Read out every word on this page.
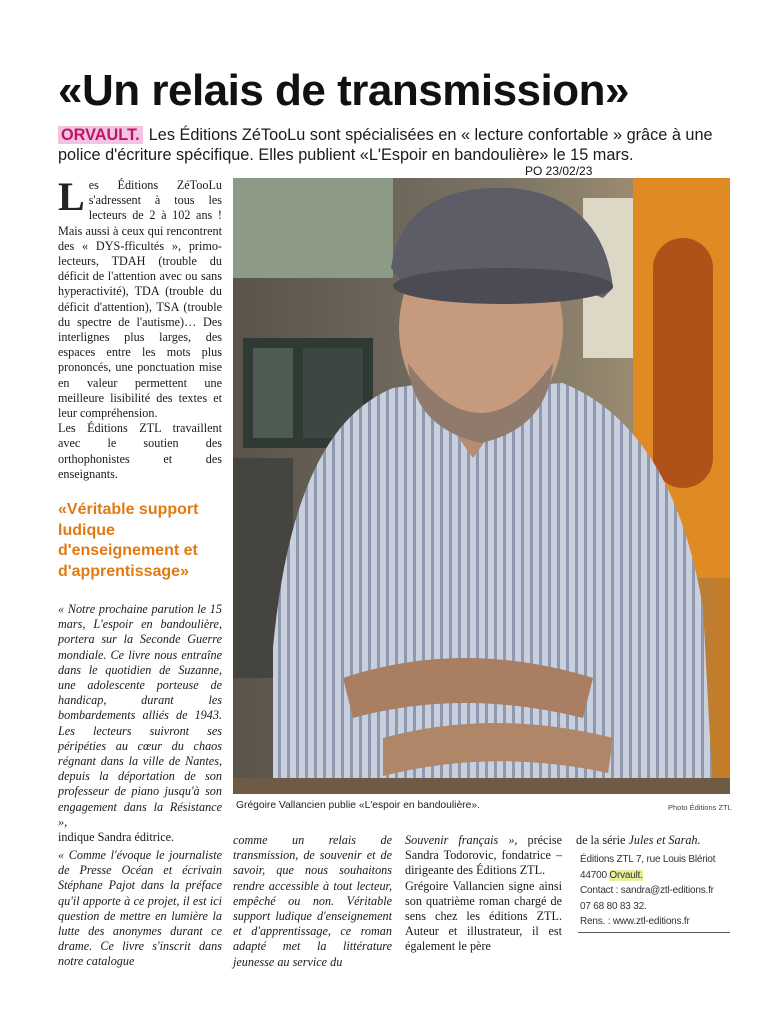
«Un relais de transmission»
ORVAULT. Les Éditions ZéTooLu sont spécialisées en « lecture confortable » grâce à une police d'écriture spécifique. Elles publient «L'Espoir en bandoulière» le 15 mars.
PO 23/02/23

Les Éditions ZéTooLu s'adressent à tous les lecteurs de 2 à 102 ans ! Mais aussi à ceux qui rencontrent des « DYS-fficultés », primo-lecteurs, TDAH (trouble du déficit de l'attention avec ou sans hyperactivité), TDA (trouble du déficit d'attention), TSA (trouble du spectre de l'autisme)… Des interlignes plus larges, des espaces entre les mots plus prononcés, une ponctuation mise en valeur permettent une meilleure lisibilité des textes et leur compréhension.

Les Éditions ZTL travaillent avec le soutien des orthophonistes et des enseignants.

«Véritable support ludique d'enseignement et d'apprentissage»

« Notre prochaine parution le 15 mars, L'espoir en bandoulière, portera sur la Seconde Guerre mondiale. Ce livre nous entraîne dans le quotidien de Suzanne, une adolescente porteuse de handicap, durant les bombardements alliés de 1943. Les lecteurs suivront ses péripéties au cœur du chaos régnant dans la ville de Nantes, depuis la déportation de son professeur de piano jusqu'à son engagement dans la Résistance »,

indique Sandra éditrice.

« Comme l'évoque le journaliste de Presse Océan et écrivain Stéphane Pajot dans la préface qu'il apporte à ce projet, il est ici question de mettre en lumière la lutte des anonymes durant ce drame. Ce livre s'inscrit dans notre catalogue

Grégoire Vallancien publie «L'espoir en bandoulière».	Photo Éditions ZTL

comme un relais de transmission, de souvenir et de savoir, que nous souhaitons rendre accessible à tout lecteur, empêché ou non. Véritable support ludique d'enseignement et d'apprentissage, ce roman adapté met la littérature jeunesse au service du

Souvenir français », précise Sandra Todorovic, fondatrice – dirigeante des Éditions ZTL.

Grégoire Vallancien signe ainsi son quatrième roman chargé de sens chez les éditions ZTL. Auteur et illustrateur, il est également le père

de la série Jules et Sarah.

Éditions ZTL 7, rue Louis Blériot
44700 Orvault.
Contact : sandra@ztl-editions.fr
07 68 80 83 32.
Rens. : www.ztl-editions.fr
